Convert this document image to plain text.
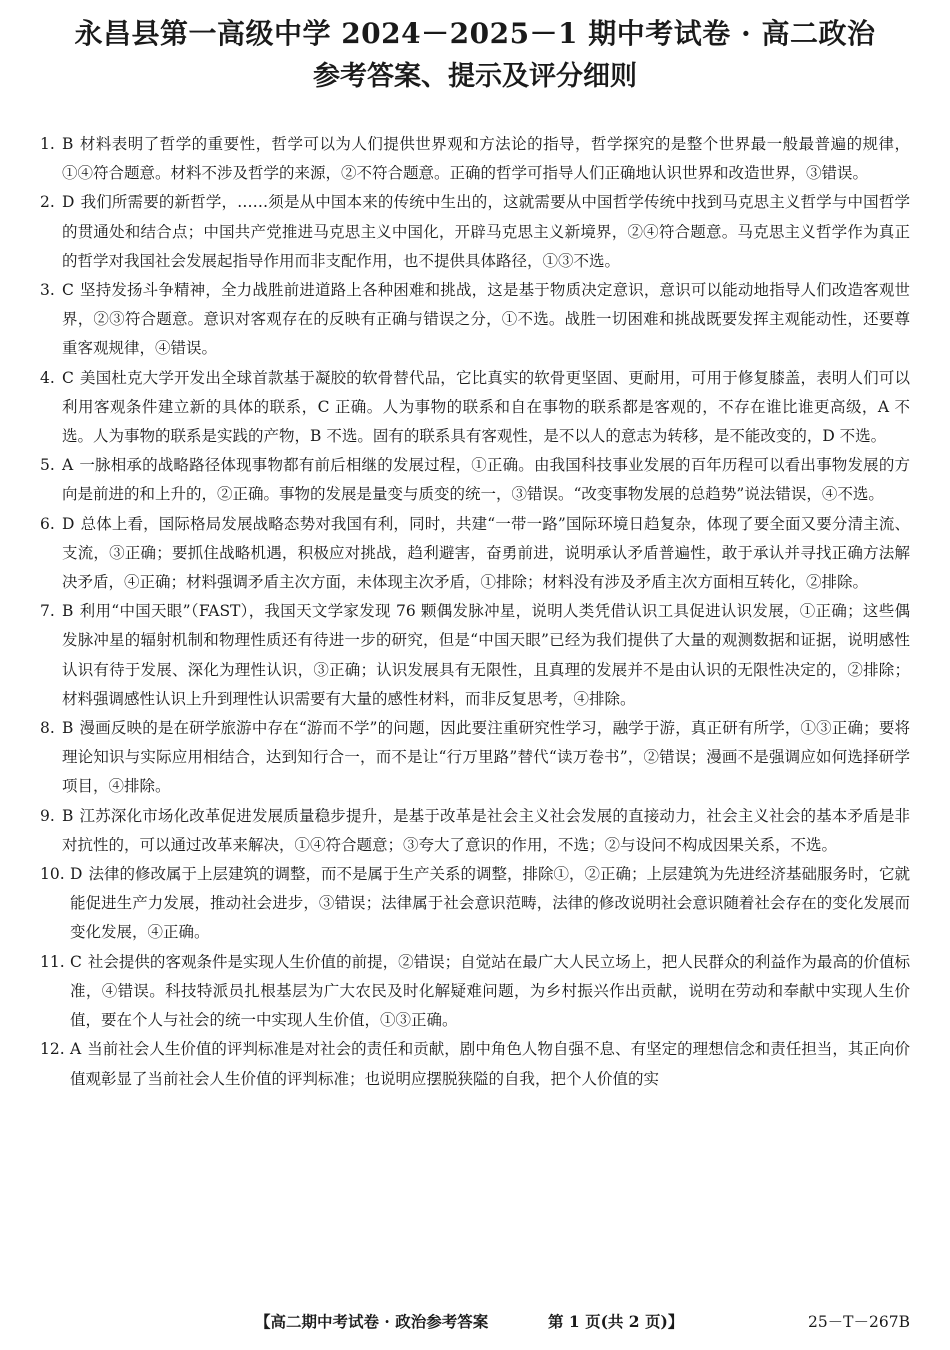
永昌县第一高级中学 2024－2025－1 期中考试卷 · 高二政治
参考答案、提示及评分细则

1. B 材料表明了哲学的重要性，哲学可以为人们提供世界观和方法论的指导，哲学探究的是整个世界最一般最普遍的规律，①④符合题意。材料不涉及哲学的来源，②不符合题意。正确的哲学可指导人们正确地认识世界和改造世界，③错误。

2. D 我们所需要的新哲学，……须是从中国本来的传统中生出的，这就需要从中国哲学传统中找到马克思主义哲学与中国哲学的贯通处和结合点；中国共产党推进马克思主义中国化，开辟马克思主义新境界，②④符合题意。马克思主义哲学作为真正的哲学对我国社会发展起指导作用而非支配作用，也不提供具体路径，①③不选。

3. C 坚持发扬斗争精神，全力战胜前进道路上各种困难和挑战，这是基于物质决定意识，意识可以能动地指导人们改造客观世界，②③符合题意。意识对客观存在的反映有正确与错误之分，①不选。战胜一切困难和挑战既要发挥主观能动性，还要尊重客观规律，④错误。

4. C 美国杜克大学开发出全球首款基于凝胶的软骨替代品，它比真实的软骨更坚固、更耐用，可用于修复膝盖，表明人们可以利用客观条件建立新的具体的联系，C 正确。人为事物的联系和自在事物的联系都是客观的，不存在谁比谁更高级，A 不选。人为事物的联系是实践的产物，B 不选。固有的联系具有客观性，是不以人的意志为转移，是不能改变的，D 不选。

5. A 一脉相承的战略路径体现事物都有前后相继的发展过程，①正确。由我国科技事业发展的百年历程可以看出事物发展的方向是前进的和上升的，②正确。事物的发展是量变与质变的统一，③错误。“改变事物发展的总趋势”说法错误，④不选。

6. D 总体上看，国际格局发展战略态势对我国有利，同时，共建“一带一路”国际环境日趋复杂，体现了要全面又要分清主流、支流，③正确；要抓住战略机遇，积极应对挑战，趋利避害，奋勇前进，说明承认矛盾普遍性，敢于承认并寻找正确方法解决矛盾，④正确；材料强调矛盾主次方面，未体现主次矛盾，①排除；材料没有涉及矛盾主次方面相互转化，②排除。

7. B 利用“中国天眼”（FAST），我国天文学家发现 76 颗偶发脉冲星，说明人类凭借认识工具促进认识发展，①正确；这些偶发脉冲星的辐射机制和物理性质还有待进一步的研究，但是“中国天眼”已经为我们提供了大量的观测数据和证据，说明感性认识有待于发展、深化为理性认识，③正确；认识发展具有无限性，且真理的发展并不是由认识的无限性决定的，②排除；材料强调感性认识上升到理性认识需要有大量的感性材料，而非反复思考，④排除。

8. B 漫画反映的是在研学旅游中存在“游而不学”的问题，因此要注重研究性学习，融学于游，真正研有所学，①③正确；要将理论知识与实际应用相结合，达到知行合一，而不是让“行万里路”替代“读万卷书”，②错误；漫画不是强调应如何选择研学项目，④排除。

9. B 江苏深化市场化改革促进发展质量稳步提升，是基于改革是社会主义社会发展的直接动力，社会主义社会的基本矛盾是非对抗性的，可以通过改革来解决，①④符合题意；③夸大了意识的作用，不选；②与设问不构成因果关系，不选。

10. D 法律的修改属于上层建筑的调整，而不是属于生产关系的调整，排除①，②正确；上层建筑为先进经济基础服务时，它就能促进生产力发展，推动社会进步，③错误；法律属于社会意识范畴，法律的修改说明社会意识随着社会存在的变化发展而变化发展，④正确。

11. C 社会提供的客观条件是实现人生价值的前提，②错误；自觉站在最广大人民立场上，把人民群众的利益作为最高的价值标准，④错误。科技特派员扎根基层为广大农民及时化解疑难问题，为乡村振兴作出贡献，说明在劳动和奉献中实现人生价值，要在个人与社会的统一中实现人生价值，①③正确。

12. A 当前社会人生价值的评判标准是对社会的责任和贡献，剧中角色人物自强不息、有坚定的理想信念和责任担当，其正向价值观彰显了当前社会人生价值的评判标准；也说明应摆脱狭隘的自我，把个人价值的实

【高二期中考试卷 · 政治参考答案	第 1 页(共 2 页)】	25－T－267B
